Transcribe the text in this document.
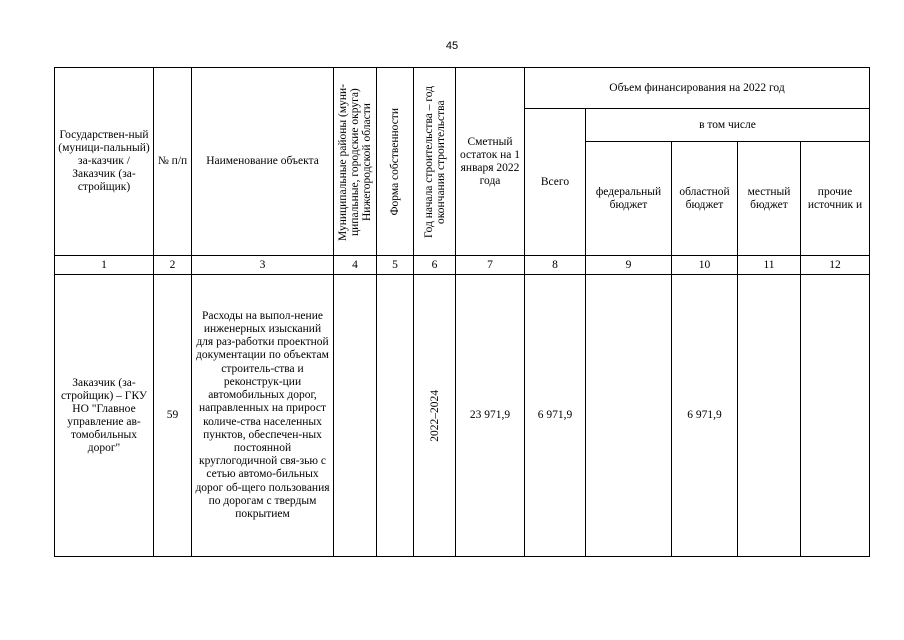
45
Государствен-ный (муници-пальный) за-казчик / Заказчик (за-стройщик)	№ п/п	Наименование объекта	Муниципальные районы (муни-ципальные, городские округа) Нижегородской области	Форма собственности	Год начала строительства – год окончания строительства	Сметный остаток на 1 января 2022 года	Объем финансирования на 2022 год				
							Всего	в том числе			
								федеральный бюджет	областной бюджет	местный бюджет	прочие источник и
1	2	3	4	5	6	7	8	9	10	11	12
Заказчик (за-стройщик) – ГКУ НО "Главное управление ав-томобильных дорог"	59	Расходы на выпол-нение инженерных изысканий для раз-работки проектной документации по объектам строитель-ства и реконструк-ции автомобильных дорог, направленных на прирост количе-ства населенных пунктов, обеспечен-ных постоянной круглогодичной свя-зью с сетью автомо-бильных дорог об-щего пользования по дорогам с твердым покрытием			2022–2024	23 971,9	6 971,9		6 971,9		
